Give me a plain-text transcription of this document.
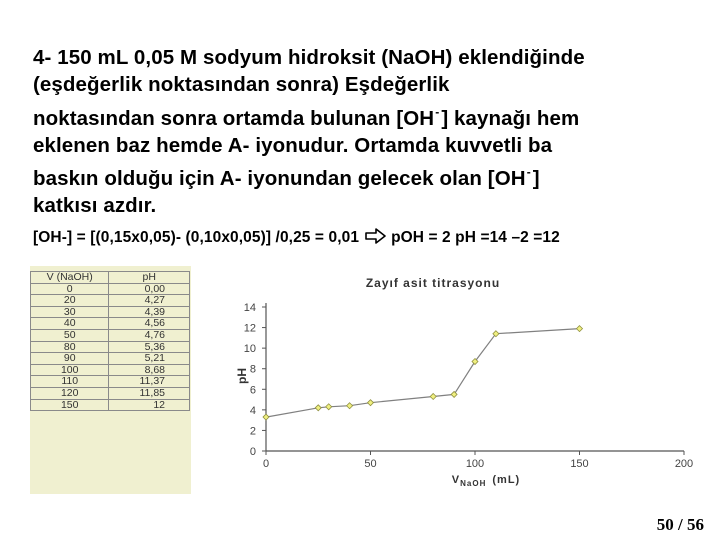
4- 150 mL 0,05 M sodyum hidroksit (NaOH) eklendiğinde
(eşdeğerlik noktasından sonra) Eşdeğerlik
noktasından sonra ortamda bulunan [OH-] kaynağı hem
eklenen baz hemde A- iyonudur. Ortamda kuvvetli ba
baskın olduğu için A- iyonundan gelecek olan [OH-]
katkısı azdır.
[OH-] = [(0,15x0,05)- (0,10x0,05)] /0,25 = 0,01 pOH = 2 pH =14 –2 =12
V (NaOH)	pH
0	0,00
20	4,27
30	4,39
40	4,56
50	4,76
80	5,36
90	5,21
100	8,68
110	11,37
120	11,85
150	12
Zayıf asit titrasyonu
0
2
4
6
8
10
12
14
0	50	100	150	200
pH
$V_{NaOH}$ (mL)
50 / 56
